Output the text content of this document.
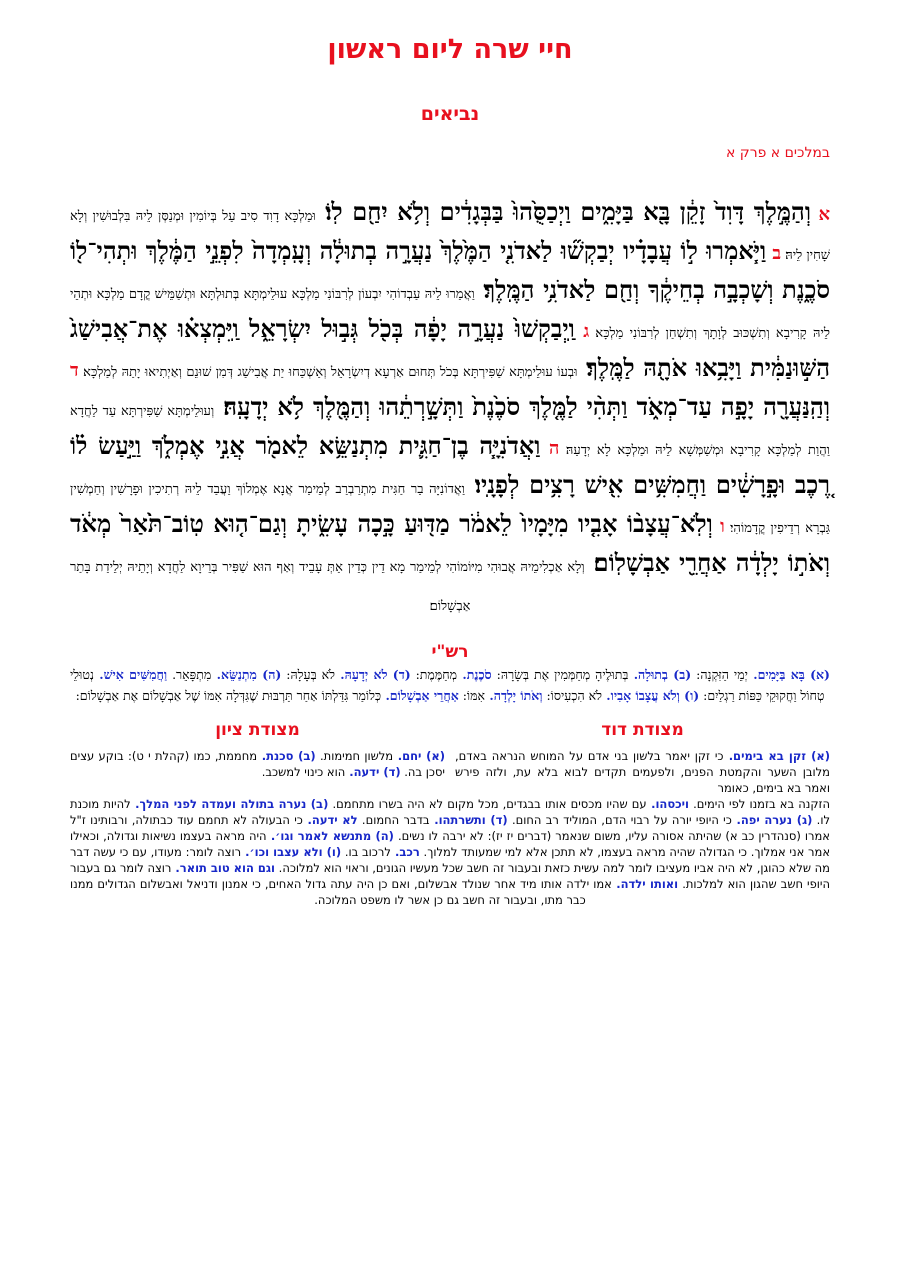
חיי שרה ליום ראשון
נביאים
במלכים א פרק א
א וְהַמֶּ֣לֶךְ דָּוִד֙ זָקֵ֔ן בָּ֖א בַּיָּמִ֑ים וַיְכַסֻּ֙הוּ֙ בַּבְּגָדִ֔ים וְלֹ֥א יִחַ֖ם לֽוֹ׃ וּמַלְכָּא דָוִד סִיב עַל בְּיוֹמִין וּמְנַסְּן לֵיהּ בִּלְבוּשִׁין וְלָא שָׁחִין לֵיהּ׃ ב וַיֹּ֧אמְרוּ ל֣וֹ עֲבָדָ֗יו יְבַקְשׁ֞וּ לַאדֹנִ֤י הַמֶּ֙לֶךְ֙ נַעֲרָ֣ה בְתוּלָ֔ה וְעָֽמְדָה֙ לִפְנֵ֣י הַמֶּ֔לֶךְ וּתְהִי־ל֖וֹ סֹכֶ֑נֶת וְשָׁכְבָ֣ה בְחֵיקֶ֔ךָ וְחַ֖ם לַאדֹנִ֥י הַמֶּֽלֶךְ׃ וַאֲמַרוּ לֵיהּ עַבְדוֹהִי יִבְעוֹן לְרִבּוֹנִי מַלְכָּא עוּלֵימְתָּא בְּתוּלְתָּא וּתְשַׁמֵּישׁ קֳדָם מַלְכָּא וּתְהֵי לֵיהּ קָרִיבָא וְתִשְׁכּוּב לְוָתָךְ וְתִשְׁחַן לְרִבּוֹנִי מַלְכָּא׃ ג וַֽיְבַקְשׁוּ֙ נַעֲרָ֣ה יָפָ֔ה בְּכֹ֖ל גְּב֣וּל יִשְׂרָאֵ֑ל וַֽיִּמְצְא֗וּ אֶת־אֲבִישַׁג֙ הַשּׁ֣וּנַמִּ֔ית וַיָּבִ֥אוּ אֹתָ֖הּ לַמֶּֽלֶךְ׃ וּבְעוֹ עוּלֵימְתָּא שַׁפִּירְתָּא בְּכֹל תְּחוּם אַרְעָא דְיִשְׂרָאֵל וְאַשְׁכַּחוּ יַת אֲבִישַׁג דְּמִן שׁוּנֵם וְאַיְתִיאוּ יָתַהּ לְמַלְכָּא׃ ד וְהַֽנַּעֲרָ֖ה יָפָ֣ה עַד־מְאֹ֑ד וַתְּהִ֨י לַמֶּ֤לֶךְ סֹכֶ֙נֶת֙ וַתְּשָׁ֣רְתֵ֔הוּ וְהַמֶּ֖לֶךְ לֹ֥א יְדָעָֽהּ׃ וְעוּלֵימְתָּא שַׁפִּירְתָּא עַד לַחֲדָא וַהֲוַת לְמַלְכָּא קָרִיבָא וּמְשַׁמְּשָׁא לֵיהּ וּמַלְכָּא לָא יְדָעַהּ׃ ה וַאֲדֹנִיָּ֧ה בֶן־חַגִּ֛ית מִתְנַשֵּׂ֥א לֵאמֹ֖ר אֲנִ֣י אֶמְלֹ֑ךְ וַיַּ֣עַשׂ ל֗וֹ רֶ֚כֶב וּפָ֣רָשִׁ֔ים וַחֲמִשִּׁ֥ים אִ֖ישׁ רָצִ֥ים לְפָנָֽיו׃ וַאֲדוֹנִיָּה בַר חַגִּית מִתְרַבְרַב לְמֵימַר אֲנָא אֶמְלוֹךְ וַעֲבַד לֵיהּ רְתִיכִין וּפָרָשִׁין וְחַמְשִׁין גַּבְרָא רְדֵיפִין קֳדָמוֹהִי׃ ו וְלֹֽא־עֲצָב֨וֹ אָבִ֤יו מִיָּמָיו֙ לֵאמֹ֔ר מַדּ֖וּעַ כָּ֣כָה עָשִׂ֑יתָ וְגַם־ה֤וּא טֽוֹב־תֹּ֙אַר֙ מְאֹ֔ד וְאֹת֣וֹ יָלְדָ֔ה אַחֲרֵ֖י אַבְשָׁלֽוֹם׃ וְלָא אַכְלִימֵיהּ אֲבוּהִי מִיּוֹמוֹהִי לְמֵימַר מָא דֵין כְּדֵין אַתְּ עָבֵיד וְאַף הוּא שַׁפִּיר בְּרֵיוָא לַחֲדָא וְיָתֵיהּ יְלֵידַת בָּתַר אַבְשָׁלוֹם׃
רש"י
(א) בָּא בַּיָּמִים. יְמֵי הַזִּקְנָה: (ב) בְתוּלָה. בְּתוּלֶיהָ מְחַמְּמִין אֶת בְּשָׂרָהּ: סֹכֶנֶת. מְחַמֶּמֶת: (ד) לֹא יְדָעָהּ. לֹא בְּעָלָהּ: (ה) מִתְנַשֵּׂא. מִתְפָּאֵר. וַחֲמִשִּׁים אִישׁ. נְטוּלֵי טְחוֹל וַחֲקוּקֵי כַּפּוֹת רַגְלַיִם: (ו) וְלֹא עֲצָבוֹ אָבִיו. לֹא הִכְעִיסוֹ: וְאֹתוֹ יָלְדָה. אִמּוֹ: אַחֲרֵי אַבְשָׁלוֹם. כְּלוֹמַר גִּדַּלְתּוֹ אַחַר תַּרְבּוּת שֶׁגִּדְּלָה אִמּוֹ שֶׁל אַבְשָׁלוֹם אֶת אַבְשָׁלוֹם:
מצודת דוד
(א) זקן בא בימים. כי זקן יאמר בלשון בני אדם על המוחש הנראה באדם, מלובן השער והקמטת הפנים, ולפעמים תקדים לבוא בלא עת, ולזה פירש ואמר בא בימים, כאומר
מצודת ציון
(א) יחם. מלשון חמימות. (ב) סכנת. מחממת, כמו (קהלת י ט): בוקע עצים יסכן בה. (ד) ידעה. הוא כינוי למשכב.
הזקנה בא בזמנו לפי הימים. ויכסהו. עם שהיו מכסים אותו בבגדים, מכל מקום לא היה בשרו מתחמם. (ב) נערה בתולה ועמדה לפני המלך. להיות מוכנת לו. (ג) נערה יפה. כי היופי יורה על רבוי הדם, המוליד רב החום. (ד) ותשרתהו. בדבר החמום. לא ידעה. כי הבעולה לא תחמם עוד כבתולה, ורבותינו ז"ל אמרו (סנהדרין כב א) שהיתה אסורה עליו, משום שנאמר (דברים יז יז): לא ירבה לו נשים. (ה) מתנשא לאמר וגו׳. היה מראה בעצמו נשיאות וגדולה, וכאילו אמר אני אמלוך. כי הגדולה שהיה מראה בעצמו, לא תתכן אלא למי שמעותד למלוך. רכב. לרכוב בו. (ו) ולא עצבו וכו׳. רוצה לומר: מעודו, עם כי עשה דבר מה שלא כהוגן, לא היה אביו מעציבו לומר למה עשית כזאת ובעבור זה חשב שכל מעשיו הגונים, וראוי הוא למלוכה. וגם הוא טוב תואר. רוצה לומר גם בעבור היופי חשב שהגון הוא למלכות. ואותו ילדה. אמו ילדה אותו מיד אחר שנולד אבשלום, ואם כן היה עתה גדול האחים, כי אמנון ודניאל ואבשלום הגדולים ממנו כבר מתו, ובעבור זה חשב גם כן אשר לו משפט המלוכה.
